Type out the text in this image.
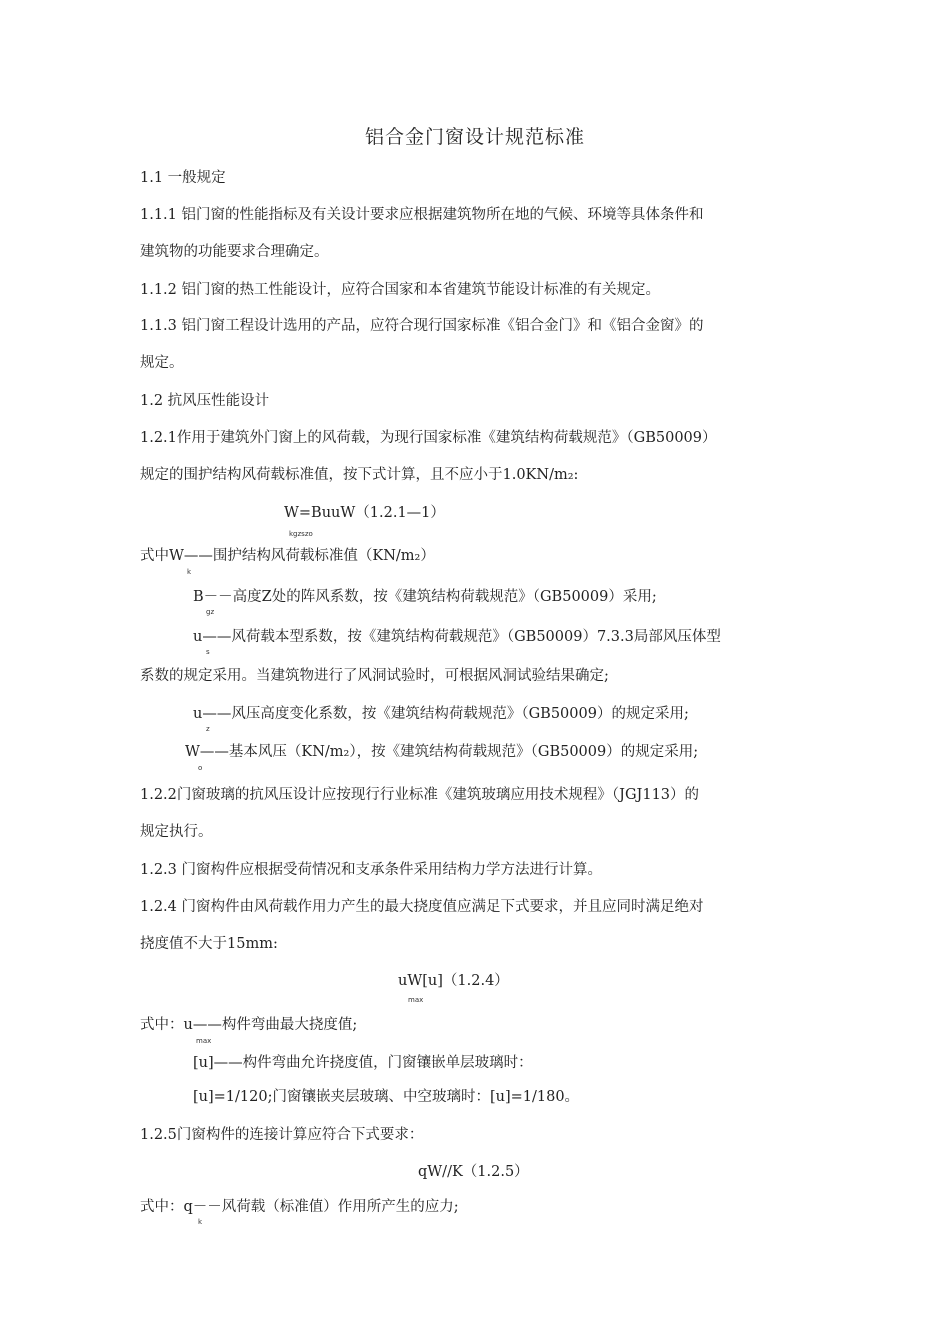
铝合金门窗设计规范标准
1.1 一般规定
1.1.1 铝门窗的性能指标及有关设计要求应根据建筑物所在地的气候、环境等具体条件和
建筑物的功能要求合理确定。
1.1.2 铝门窗的热工性能设计，应符合国家和本省建筑节能设计标准的有关规定。
1.1.3 铝门窗工程设计选用的产品，应符合现行国家标准《铝合金门》和《铝合金窗》的
规定。
1.2 抗风压性能设计
1.2.1作用于建筑外门窗上的风荷载，为现行国家标准《建筑结构荷载规范》（GB50009）
规定的围护结构风荷载标准值，按下式计算，且不应小于1.0KN/m₂:
W=BuuW（1.2.1—1）
kgzszo
式中W——围护结构风荷载标准值（KN/m₂）
k
B－－高度Z处的阵风系数，按《建筑结构荷载规范》（GB50009）采用;
gz
u——风荷载本型系数，按《建筑结构荷载规范》（GB50009）7.3.3局部风压体型
s
系数的规定采用。当建筑物进行了风洞试验时，可根据风洞试验结果确定;
u——风压高度变化系数，按《建筑结构荷载规范》（GB50009）的规定采用;
z
W——基本风压（KN/m₂），按《建筑结构荷载规范》（GB50009）的规定采用;
o
1.2.2门窗玻璃的抗风压设计应按现行行业标准《建筑玻璃应用技术规程》（JGJ113）的
规定执行。
1.2.3 门窗构件应根据受荷情况和支承条件采用结构力学方法进行计算。
1.2.4 门窗构件由风荷载作用力产生的最大挠度值应满足下式要求，并且应同时满足绝对
挠度值不大于15mm:
uW[u]（1.2.4）
max
式中：u——构件弯曲最大挠度值;
max
[u]——构件弯曲允许挠度值，门窗镶嵌单层玻璃时：
[u]=1/120;门窗镶嵌夹层玻璃、中空玻璃时：[u]=1/180。
1.2.5门窗构件的连接计算应符合下式要求：
qW//K（1.2.5）
式中：q－－风荷载（标准值）作用所产生的应力;
k
